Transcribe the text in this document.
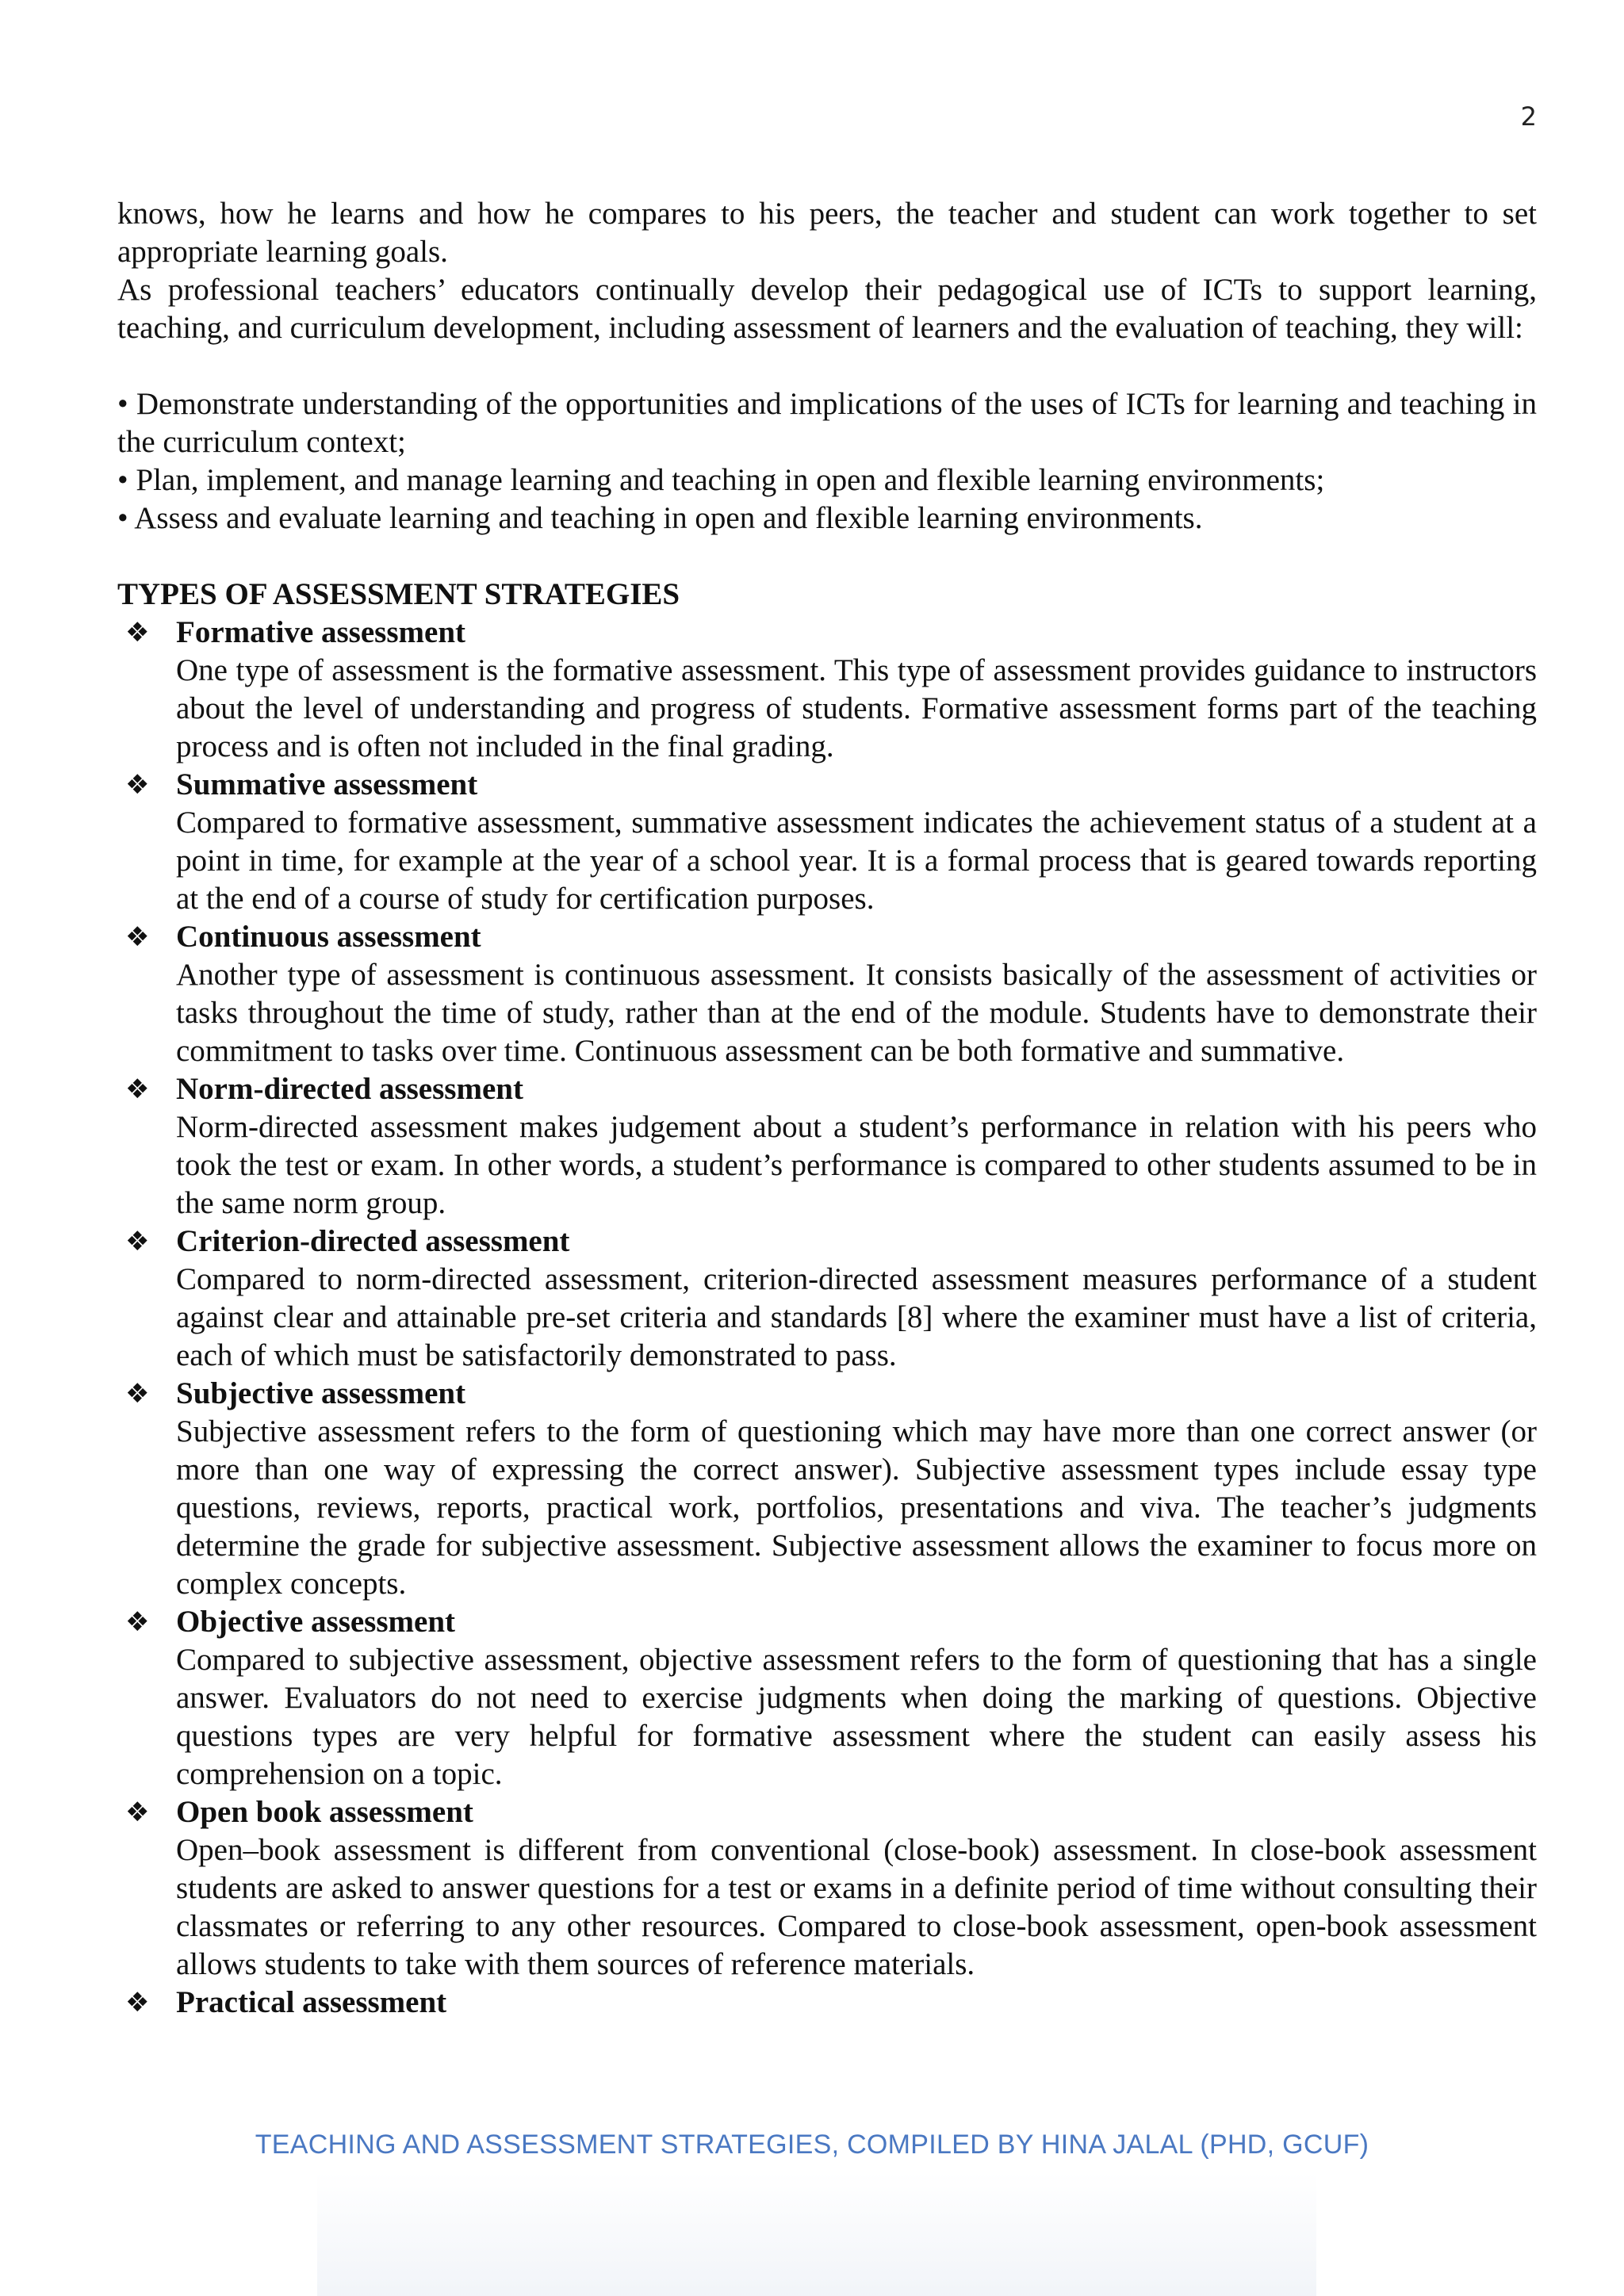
2

knows, how he learns and how he compares to his peers, the teacher and student can work together to set appropriate learning goals.

As professional teachers’ educators continually develop their pedagogical use of ICTs to support learning, teaching, and curriculum development, including assessment of learners and the evaluation of teaching, they will:

• Demonstrate understanding of the opportunities and implications of the uses of ICTs for learning and teaching in the curriculum context;

• Plan, implement, and manage learning and teaching in open and flexible learning environments;

• Assess and evaluate learning and teaching in open and flexible learning environments.

TYPES OF ASSESSMENT STRATEGIES

❖ Formative assessment
One type of assessment is the formative assessment. This type of assessment provides guidance to instructors about the level of understanding and progress of students. Formative assessment forms part of the teaching process and is often not included in the final grading.
❖ Summative assessment
Compared to formative assessment, summative assessment indicates the achievement status of a student at a point in time, for example at the year of a school year. It is a formal process that is geared towards reporting at the end of a course of study for certification purposes.
❖ Continuous assessment
Another type of assessment is continuous assessment. It consists basically of the assessment of activities or tasks throughout the time of study, rather than at the end of the module. Students have to demonstrate their commitment to tasks over time. Continuous assessment can be both formative and summative.
❖ Norm-directed assessment
Norm-directed assessment makes judgement about a student’s performance in relation with his peers who took the test or exam. In other words, a student’s performance is compared to other students assumed to be in the same norm group.
❖ Criterion-directed assessment
Compared to norm-directed assessment, criterion-directed assessment measures performance of a student against clear and attainable pre-set criteria and standards [8] where the examiner must have a list of criteria, each of which must be satisfactorily demonstrated to pass.
❖ Subjective assessment
Subjective assessment refers to the form of questioning which may have more than one correct answer (or more than one way of expressing the correct answer). Subjective assessment types include essay type questions, reviews, reports, practical work, portfolios, presentations and viva. The teacher’s judgments determine the grade for subjective assessment. Subjective assessment allows the examiner to focus more on complex concepts.
❖ Objective assessment
Compared to subjective assessment, objective assessment refers to the form of questioning that has a single answer. Evaluators do not need to exercise judgments when doing the marking of questions. Objective questions types are very helpful for formative assessment where the student can easily assess his comprehension on a topic.
❖ Open book assessment
Open–book assessment is different from conventional (close-book) assessment. In close-book assessment students are asked to answer questions for a test or exams in a definite period of time without consulting their classmates or referring to any other resources. Compared to close-book assessment, open-book assessment allows students to take with them sources of reference materials.
❖ Practical assessment
TEACHING AND ASSESSMENT STRATEGIES, COMPILED BY HINA JALAL (PHD, GCUF)
